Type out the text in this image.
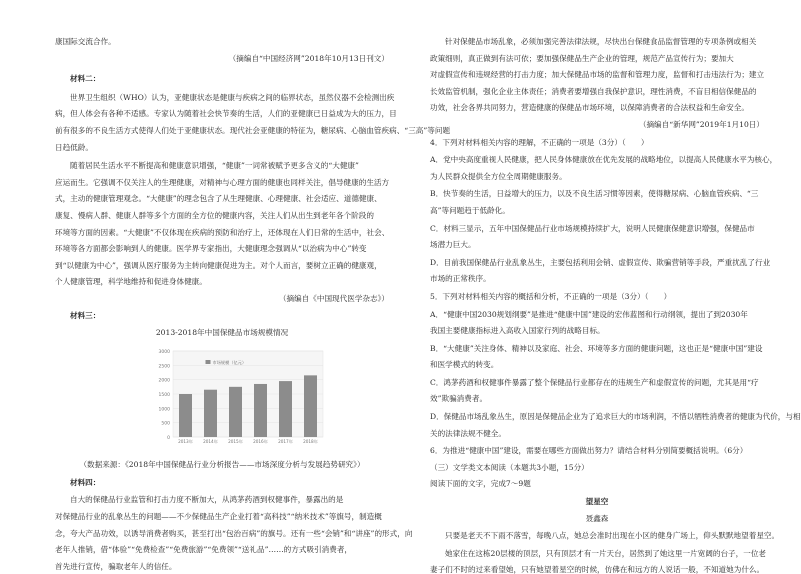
康国际交流合作。

（摘编自“中国经济网”2018年10月13日刊文）

材料二：

世界卫生组织（WHO）认为，亚健康状态是健康与疾病之间的临界状态，虽然仪器不会检测出疾

病，但人体会有各种不适感。专家认为随着社会快节奏的生活，人们的亚健康已日益成为大的压力，目

前有很多的不良生活方式使得人们处于亚健康状态。现代社会亚健康的特征为，糖尿病、心脑血管疾病、“三高”等问题

日趋低龄。

随着居民生活水平不断提高和健康意识增强，“健康”一词常被赋予更多含义的“大健康”

应运而生。它强调不仅关注人的生理健康，对精神与心理方面的健康也同样关注，倡导健康的生活方

式，主动的健康管理观念。“大健康”的理念包含了从生理健康、心理健康、社会适应、道德健康、

康复、慢病人群、健康人群等多个方面的全方位的健康内容，关注人们从出生到老年各个阶段的

环境等方面的因素。“大健康”不仅体现在疾病的预防和治疗上，还体现在人们日常的生活中，社会、

环境等各方面都会影响到人的健康。医学界专家指出，大健康理念强调从“以治病为中心”转变

到“以健康为中心”，强调从医疗服务为主转向健康促进为主。对个人而言，要树立正确的健康观，

个人健康管理，科学地维持和促进身体健康。

（摘编自《中国现代医学杂志》）

材料三：

2013-2018年中国保健品市场规模情况

3000
2500
2000
1500
1000
500
0
2013年 2014年 2015年 2016年 2017年 2018年
市场规模（亿元）

（数据来源：《2018年中国保健品行业分析报告——市场深度分析与发展趋势研究》）

材料四：

自大的保健品行业监管和打击力度不断加大，从鸿茅药酒到权健事件，暴露出的是

对保健品行业的乱象丛生的问题——不少保健品生产企业打着“高科技”“纳米技术”等旗号，制造概

念，夸大产品功效，以诱导消费者购买，甚至打出“包治百病”的旗号。还有一些“会销”和“讲座”的形式，向

老年人推销，借“体验”“免费检查”“免费旅游”“免费领”“送礼品”……的方式吸引消费者，

首先进行宣传，骗取老年人的信任。

针对保健品市场乱象，必须加强完善法律法规，尽快出台保健食品监督管理的专项条例或相关

政策细则，真正做到有法可依；要加强保健品生产企业的管理，规范产品宣传行为；要加大

对虚假宣传和违规经营的打击力度；加大保健品市场的监督和管理力度，监督和打击违法行为；建立

长效监管机制，强化企业主体责任；消费者要增强自我保护意识，理性消费，不盲目相信保健品的

功效，社会各界共同努力，营造健康的保健品市场环境，以保障消费者的合法权益和生命安全。

（摘编自“新华网”2019年1月10日）

4．下列对材料相关内容的理解，不正确的一项是（3分）（　　）

A．党中央高度重视人民健康，把人民身体健康放在优先发展的战略地位，以提高人民健康水平为核心，

为人民群众提供全方位全周期健康服务。

B．快节奏的生活，日益增大的压力，以及不良生活习惯等因素，使得糖尿病、心脑血管疾病、“三

高”等问题趋于低龄化。

C．材料三显示，五年中国保健品行业市场规模持续扩大，说明人民健康保健意识增强，保健品市

场潜力巨大。

D．目前我国保健品行业乱象丛生，主要包括利用会销、虚假宣传、欺骗营销等手段，严重扰乱了行业

市场的正常秩序。

5．下列对材料相关内容的概括和分析，不正确的一项是（3分）（　　）

A．“健康中国2030规划纲要”是推进“健康中国”建设的宏伟蓝图和行动纲领，提出了到2030年

我国主要健康指标进入高收入国家行列的战略目标。

B．“大健康”关注身体、精神以及家庭、社会、环境等多方面的健康问题，这也正是“健康中国”建设

和医学模式的转变。

C．鸿茅药酒和权健事件暴露了整个保健品行业都存在的违规生产和虚假宣传的问题，尤其是用“疗

效”欺骗消费者。

D．保健品市场乱象丛生，原因是保健品企业为了追求巨大的市场利润，不惜以牺牲消费者的健康为代价，与相

关的法律法规不健全。

6．为推进“健康中国”建设，需要在哪些方面做出努力？请结合材料分别简要概括说明。（6分）

（三）文学类文本阅读（本题共3小题，15分）

阅读下面的文字，完成7～9题

望星空

聂鑫森

只要是老天不下雨不落雪，每晚八点，她总会准时出现在小区的健身广场上，仰头默默地望着星空。

她家住在这栋20层楼的顶层，只有顶层才有一片天台，居然到了她这里一片宽阔的台子，一位老

妻子们不时的过来看望她，只有她望着星空的时候，仿佛在和远方的人说话一般，不知道她为什么。
